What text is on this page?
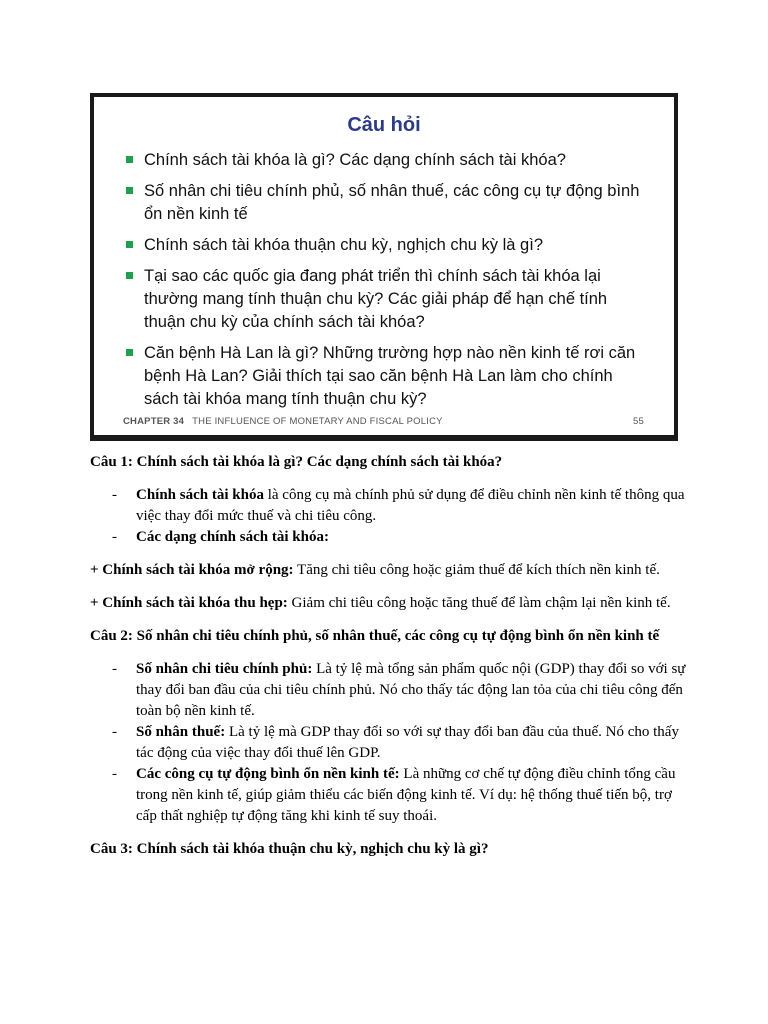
Câu hỏi
Chính sách tài khóa là gì? Các dạng chính sách tài khóa?
Số nhân chi tiêu chính phủ, số nhân thuế, các công cụ tự động bình ổn nền kinh tế
Chính sách tài khóa thuận chu kỳ, nghịch chu kỳ là gì?
Tại sao các quốc gia đang phát triển thì chính sách tài khóa lại thường mang tính thuận chu kỳ? Các giải pháp để hạn chế tính thuận chu kỳ của chính sách tài khóa?
Căn bệnh Hà Lan là gì? Những trường hợp nào nền kinh tế rơi căn bệnh Hà Lan? Giải thích tại sao căn bệnh Hà Lan làm cho chính sách tài khóa mang tính thuận chu kỳ?
CHAPTER 34 THE INFLUENCE OF MONETARY AND FISCAL POLICY	55

Câu 1: Chính sách tài khóa là gì? Các dạng chính sách tài khóa?

- Chính sách tài khóa là công cụ mà chính phủ sử dụng để điều chỉnh nền kinh tế thông qua việc thay đổi mức thuế và chi tiêu công.
- Các dạng chính sách tài khóa:

+ Chính sách tài khóa mở rộng: Tăng chi tiêu công hoặc giảm thuế để kích thích nền kinh tế.

+ Chính sách tài khóa thu hẹp: Giảm chi tiêu công hoặc tăng thuế để làm chậm lại nền kinh tế.

Câu 2: Số nhân chi tiêu chính phủ, số nhân thuế, các công cụ tự động bình ổn nền kinh tế

- Số nhân chi tiêu chính phủ: Là tỷ lệ mà tổng sản phẩm quốc nội (GDP) thay đổi so với sự thay đổi ban đầu của chi tiêu chính phủ. Nó cho thấy tác động lan tỏa của chi tiêu công đến toàn bộ nền kinh tế.
- Số nhân thuế: Là tỷ lệ mà GDP thay đổi so với sự thay đổi ban đầu của thuế. Nó cho thấy tác động của việc thay đổi thuế lên GDP.
- Các công cụ tự động bình ổn nền kinh tế: Là những cơ chế tự động điều chỉnh tổng cầu trong nền kinh tế, giúp giảm thiểu các biến động kinh tế. Ví dụ: hệ thống thuế tiến bộ, trợ cấp thất nghiệp tự động tăng khi kinh tế suy thoái.

Câu 3: Chính sách tài khóa thuận chu kỳ, nghịch chu kỳ là gì?
